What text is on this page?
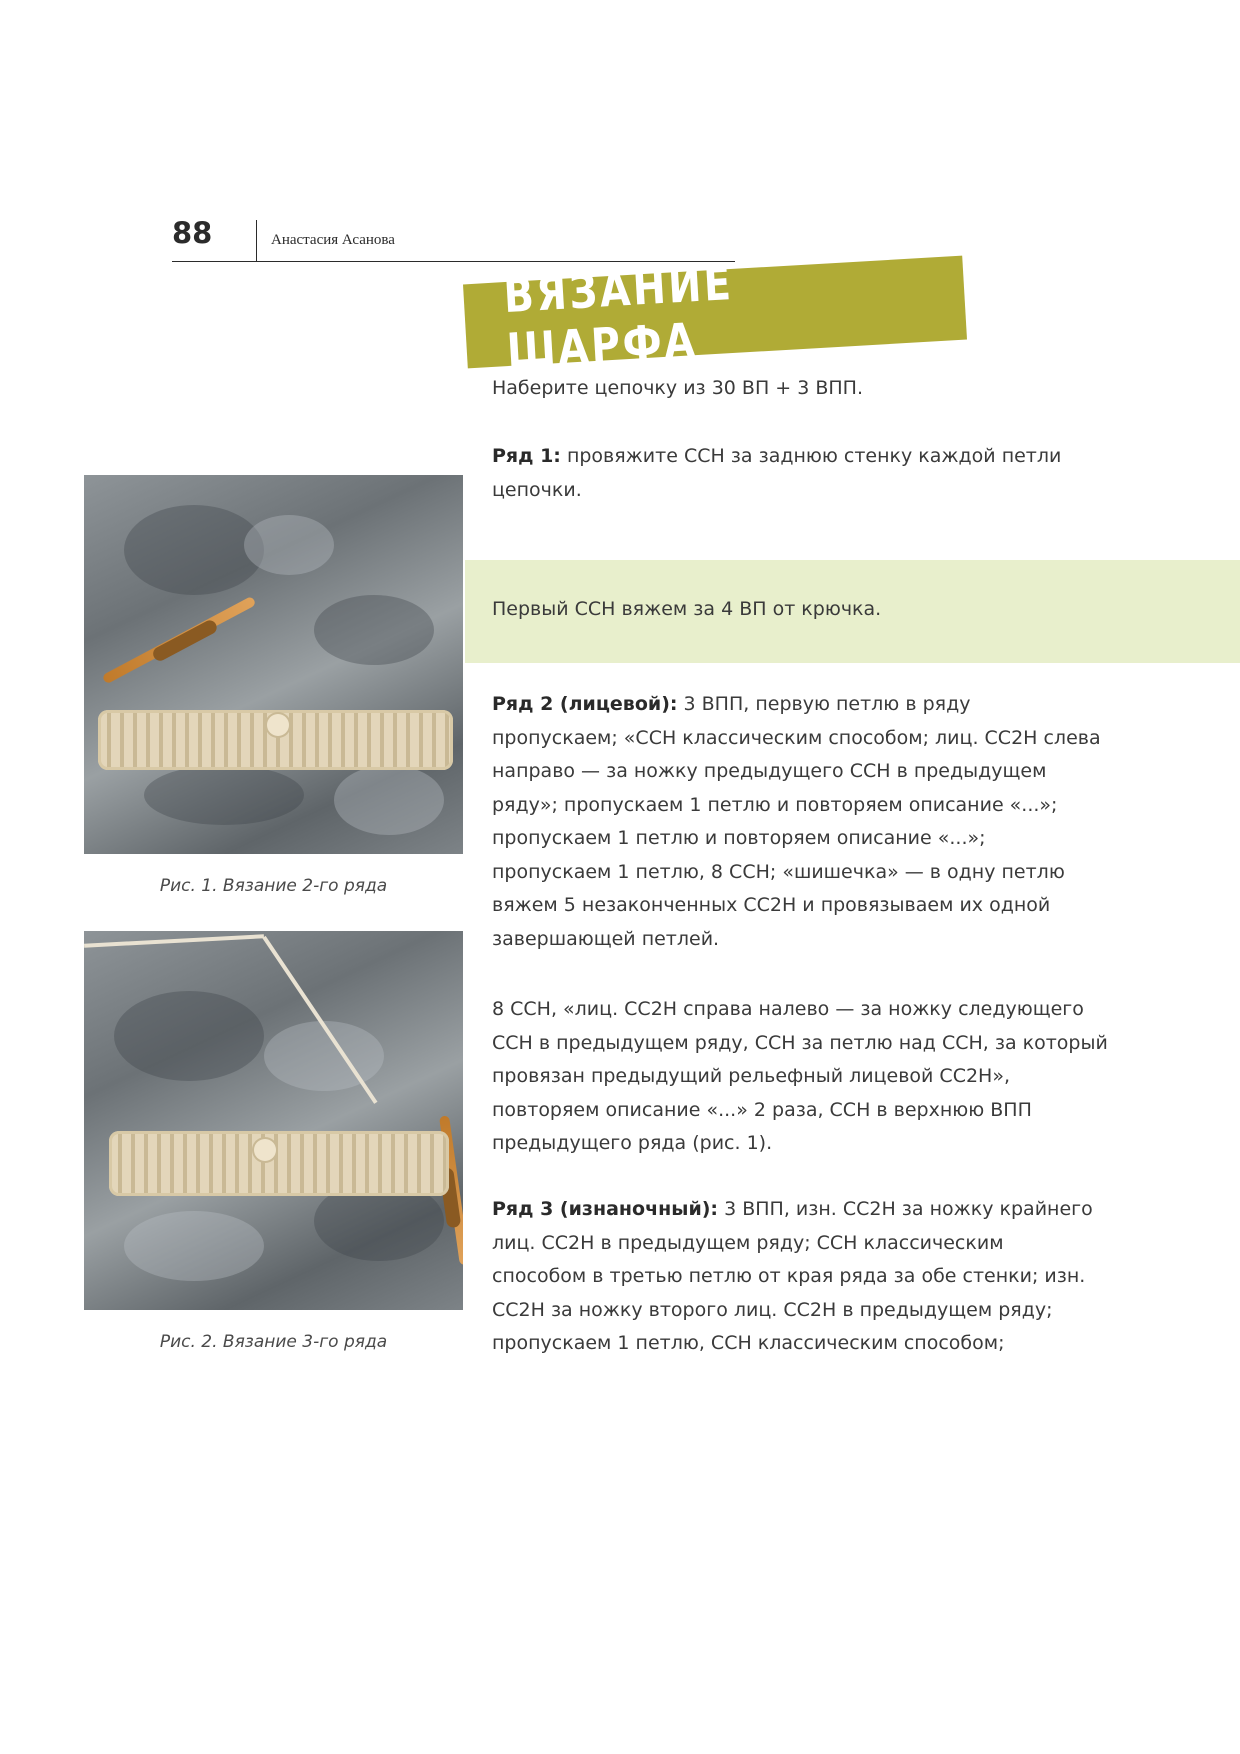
88	Анастасия Асанова
ВЯЗАНИЕ ШАРФА

Наберите цепочку из 30 ВП + 3 ВПП.

Ряд 1: провяжите ССН за заднюю стенку каждой петли цепочки.

Первый ССН вяжем за 4 ВП от крючка.

Ряд 2 (лицевой): 3 ВПП, первую петлю в ряду пропускаем; «ССН классическим способом; лиц. СС2Н слева направо — за ножку предыдущего ССН в предыдущем ряду»; пропускаем 1 петлю и повторяем описание «...»; пропускаем 1 петлю и повторяем описание «...»; пропускаем 1 петлю, 8 ССН; «шишечка» — в одну петлю вяжем 5 незаконченных СС2Н и провязываем их одной завершающей петлей.

8 ССН, «лиц. СС2Н справа налево — за ножку следующего ССН в предыдущем ряду, ССН за петлю над ССН, за который провязан предыдущий рельефный лицевой СС2Н», повторяем описание «...» 2 раза, ССН в верхнюю ВПП предыдущего ряда (рис. 1).

Ряд 3 (изнаночный): 3 ВПП, изн. СС2Н за ножку крайнего лиц. СС2Н в предыдущем ряду; ССН классическим способом в третью петлю от края ряда за обе стенки; изн. СС2Н за ножку второго лиц. СС2Н в предыдущем ряду; пропускаем 1 петлю, ССН классическим способом;

Рис. 1. Вязание 2-го ряда
Рис. 2. Вязание 3-го ряда
